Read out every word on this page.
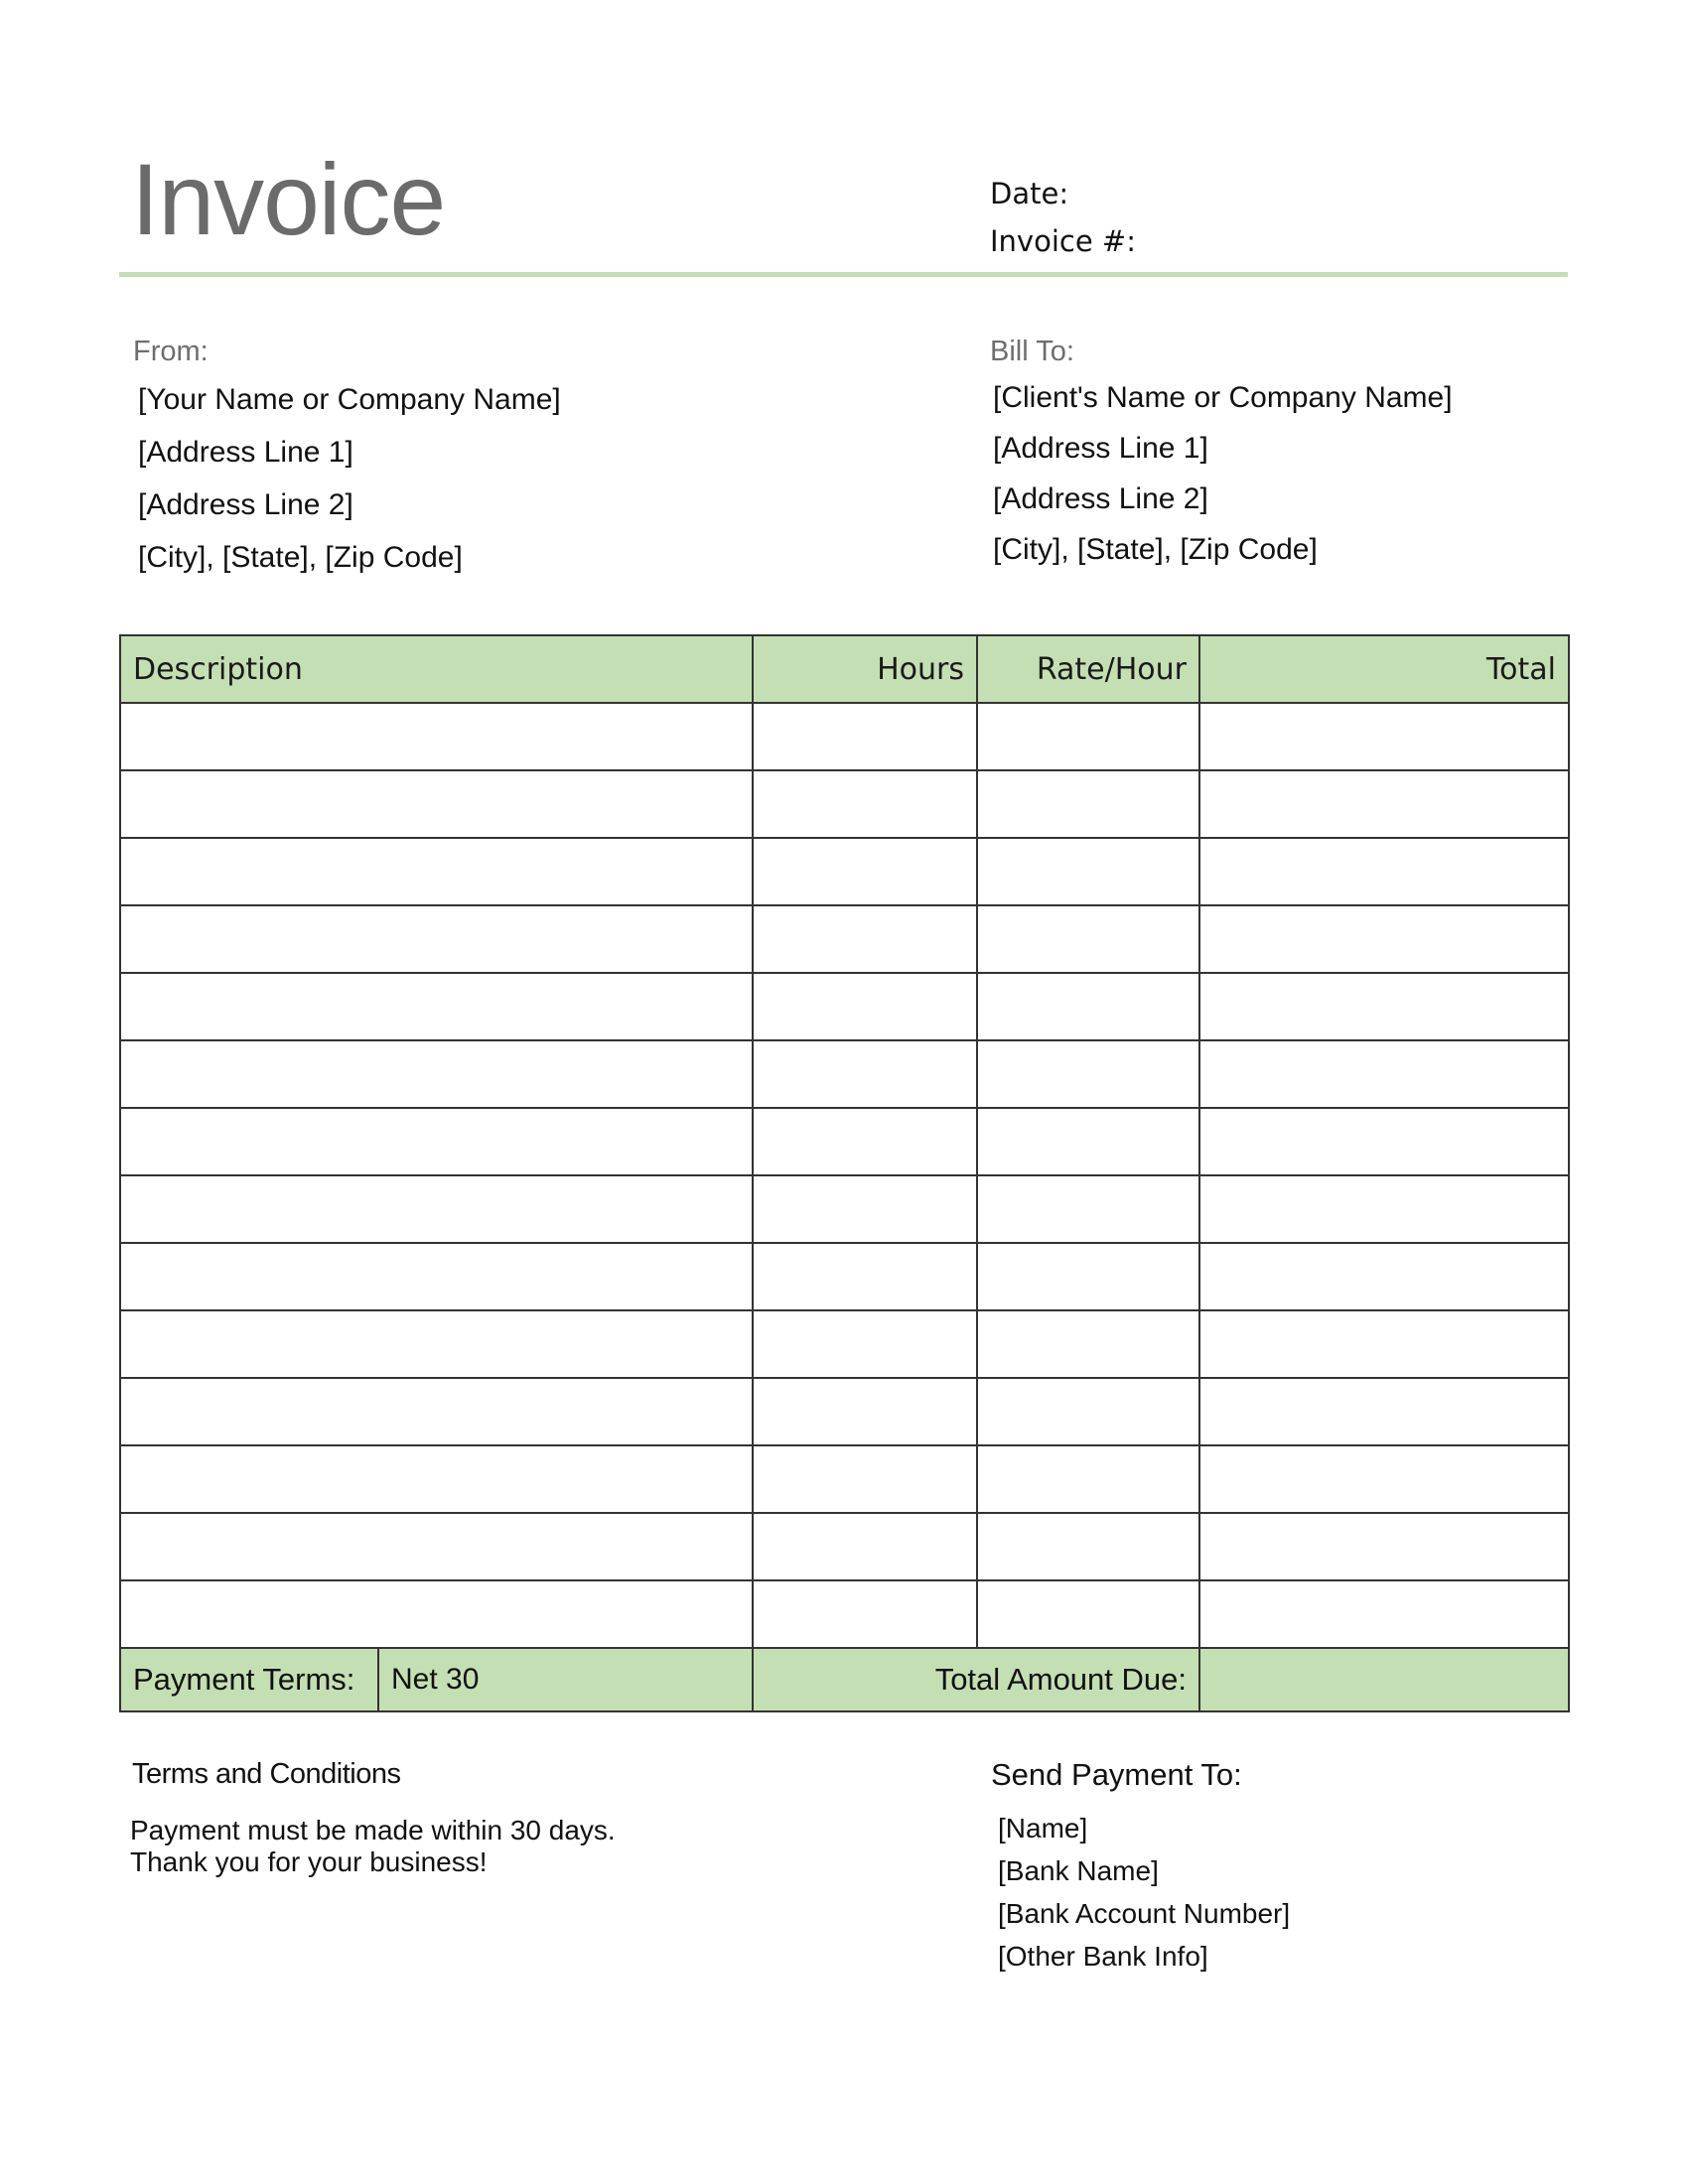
Invoice	Date:
Invoice #:
From:
[Your Name or Company Name]
[Address Line 1]
[Address Line 2]
[City], [State], [Zip Code]
Bill To:
[Client's Name or Company Name]
[Address Line 1]
[Address Line 2]
[City], [State], [Zip Code]
Description		Hours	Rate/Hour	Total

Payment Terms:	Net 30	Total Amount Due:		
Terms and Conditions
Payment must be made within 30 days.
Thank you for your business!
Send Payment To:
[Name]
[Bank Name]
[Bank Account Number]
[Other Bank Info]
